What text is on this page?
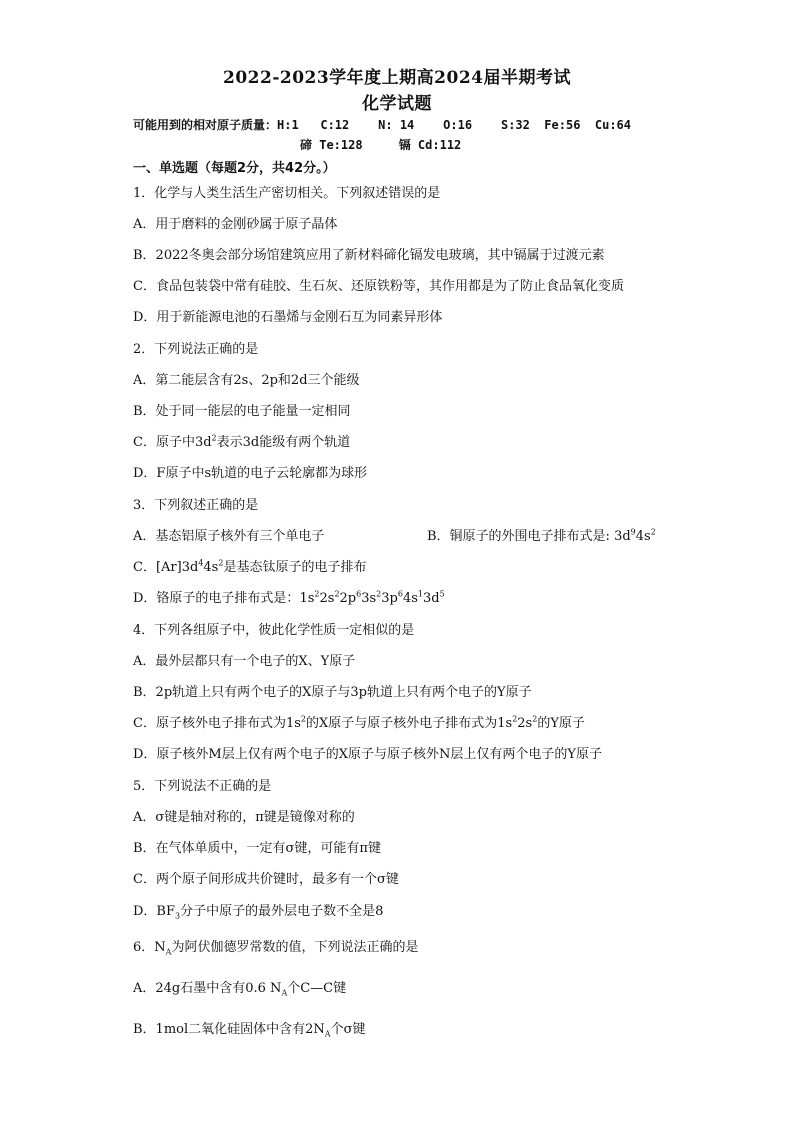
2022-2023学年度上期高2024届半期考试
化学试题
可能用到的相对原子质量：H:1   C:12    N: 14    O:16    S:32  Fe:56  Cu:64
碲 Te:128     镉 Cd:112
一、单选题（每题2分，共42分。）
1．化学与人类生活生产密切相关。下列叙述错误的是
A．用于磨料的金刚砂属于原子晶体
B．2022冬奥会部分场馆建筑应用了新材料碲化镉发电玻璃，其中镉属于过渡元素
C．食品包装袋中常有硅胶、生石灰、还原铁粉等，其作用都是为了防止食品氧化变质
D．用于新能源电池的石墨烯与金刚石互为同素异形体
2．下列说法正确的是
A．第二能层含有2s、2p和2d三个能级
B．处于同一能层的电子能量一定相同
C．原子中$3d^2$表示3d能级有两个轨道
D．F原子中s轨道的电子云轮廓都为球形
3．下列叙述正确的是
A．基态铝原子核外有三个单电子	B．铜原子的外围电子排布式是: $3d^94s^2$
C．$[Ar]3d^44s^2$是基态钛原子的电子排布
D．铬原子的电子排布式是：$1s^22s^22p^63s^23p^64s^13d^5$
4．下列各组原子中，彼此化学性质一定相似的是
A．最外层都只有一个电子的X、Y原子
B．2p轨道上只有两个电子的X原子与3p轨道上只有两个电子的Y原子
C．原子核外电子排布式为$1s^2$的X原子与原子核外电子排布式为$1s^22s^2$的Y原子
D．原子核外M层上仅有两个电子的X原子与原子核外N层上仅有两个电子的Y原子
5．下列说法不正确的是
A．σ键是轴对称的，π键是镜像对称的
B．在气体单质中，一定有σ键，可能有π键
C．两个原子间形成共价键时，最多有一个σ键
D．$BF_3$分子中原子的最外层电子数不全是8
6．$N_A$为阿伏伽德罗常数的值，下列说法正确的是
A．24g石墨中含有0.6 $N_A$个C—C键
B．1mol二氧化硅固体中含有$2N_A$个σ键
